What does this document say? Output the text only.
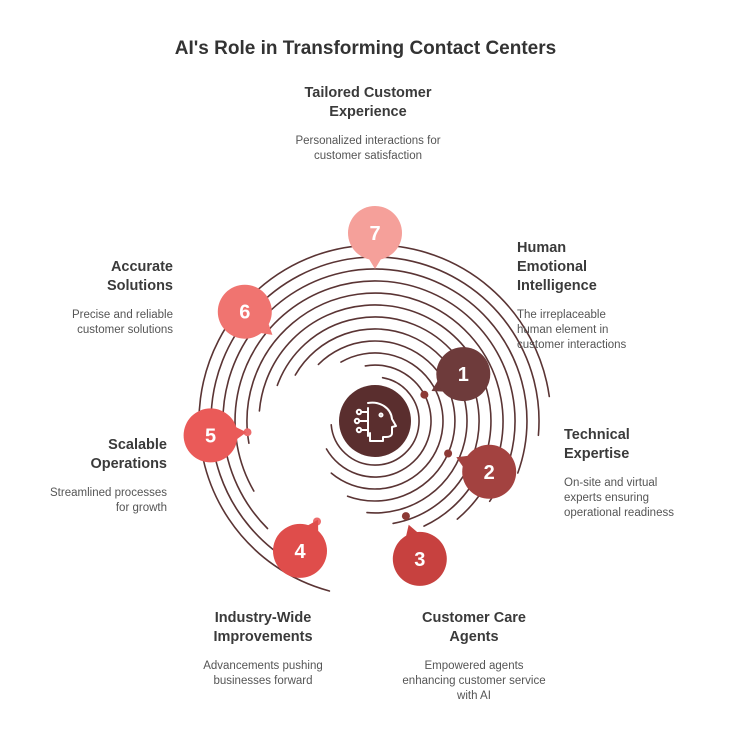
AI's Role in Transforming Contact Centers
1
2
3
4
5
6
7
Tailored Customer
Experience
Personalized interactions for
customer satisfaction
Human
Emotional
Intelligence
The irreplaceable
human element in
customer interactions
Technical
Expertise
On-site and virtual
experts ensuring
operational readiness
Customer Care
Agents
Empowered agents
enhancing customer service
with AI
Industry-Wide
Improvements
Advancements pushing
businesses forward
Scalable
Operations
Streamlined processes
for growth
Accurate
Solutions
Precise and reliable
customer solutions
